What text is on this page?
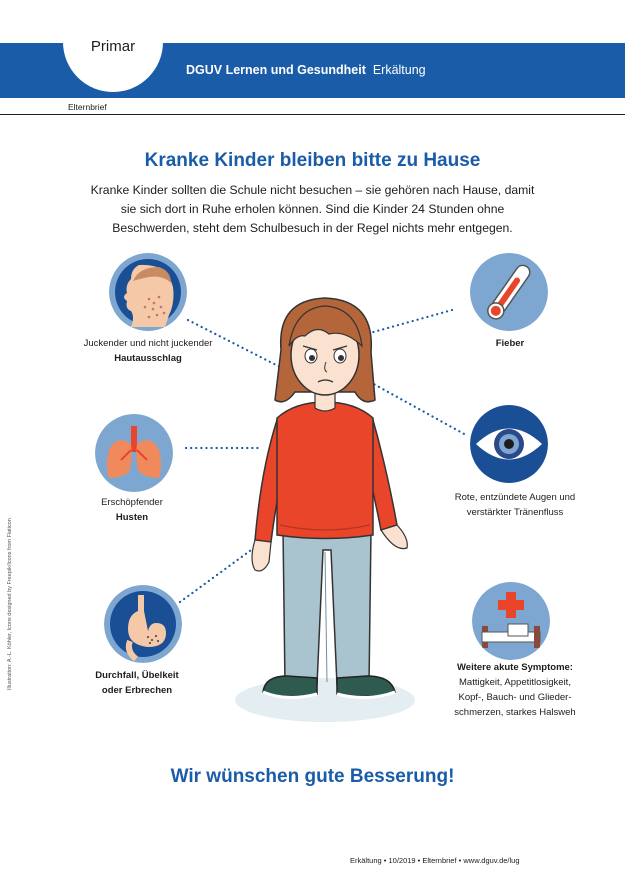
Primar
DGUV Lernen und Gesundheit Erkältung
Elternbrief
Kranke Kinder bleiben bitte zu Hause
Kranke Kinder sollten die Schule nicht besuchen – sie gehören nach Hause, damit
sie sich dort in Ruhe erholen können. Sind die Kinder 24 Stunden ohne
Beschwerden, steht dem Schulbesuch in der Regel nichts mehr entgegen.
Juckender und nicht juckender
Hautausschlag
Fieber
Erschöpfender
Husten
Rote, entzündete Augen und
verstärkter Tränenfluss
Durchfall, Übelkeit
oder Erbrechen
Weitere akute Symptome:
Mattigkeit, Appetitlosigkeit,
Kopf-, Bauch- und Glieder-
schmerzen, starkes Halsweh
Illustration: A.-L. Köhler, Icons designed by Freepik/Icons from Flaticon
Wir wünschen gute Besserung!
Erkältung • 10/2019 • Elternbrief • www.dguv.de/lug
